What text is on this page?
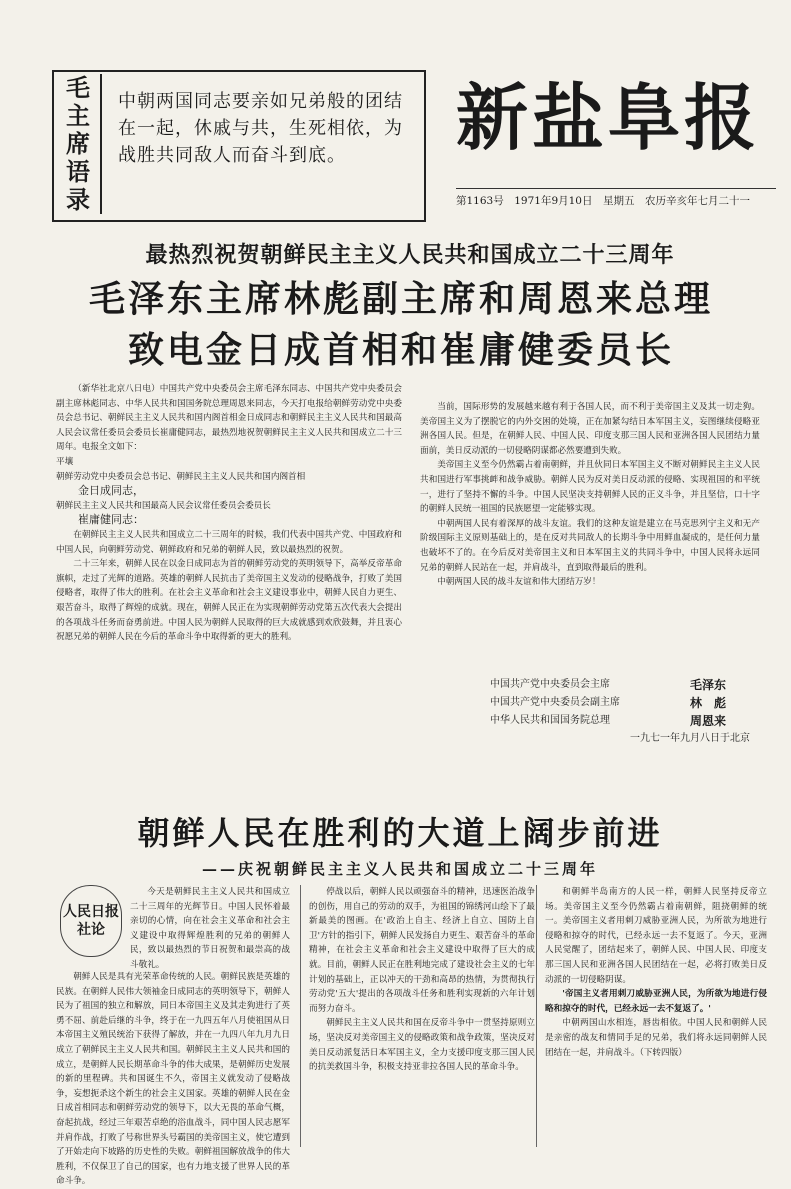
毛
主
席
语
录
中朝两国同志要亲如兄弟般的团结在一起，休戚与共，生死相依，为战胜共同敌人而奋斗到底。	新盐阜报
第1163号　1971年9月10日　星期五　农历辛亥年七月二十一
最热烈祝贺朝鲜民主主义人民共和国成立二十三周年
毛泽东主席林彪副主席和周恩来总理
致电金日成首相和崔庸健委员长

（新华社北京八日电）中国共产党中央委员会主席毛泽东同志、中国共产党中央委员会副主席林彪同志、中华人民共和国国务院总理周恩来同志，今天打电报给朝鲜劳动党中央委员会总书记、朝鲜民主主义人民共和国内阁首相金日成同志和朝鲜民主主义人民共和国最高人民会议常任委员会委员长崔庸健同志，最热烈地祝贺朝鲜民主主义人民共和国成立二十三周年。电报全文如下：

平壤
朝鲜劳动党中央委员会总书记、朝鲜民主主义人民共和国内阁首相
金日成同志，
朝鲜民主主义人民共和国最高人民会议常任委员会委员长
崔庸健同志：

在朝鲜民主主义人民共和国成立二十三周年的时候，我们代表中国共产党、中国政府和中国人民，向朝鲜劳动党、朝鲜政府和兄弟的朝鲜人民，致以最热烈的祝贺。

二十三年来，朝鲜人民在以金日成同志为首的朝鲜劳动党的英明领导下，高举反帝革命旗帜，走过了光辉的道路。英雄的朝鲜人民抗击了美帝国主义发动的侵略战争，打败了美国侵略者，取得了伟大的胜利。在社会主义革命和社会主义建设事业中，朝鲜人民自力更生、艰苦奋斗，取得了辉煌的成就。现在，朝鲜人民正在为实现朝鲜劳动党第五次代表大会提出的各项战斗任务而奋勇前进。中国人民为朝鲜人民取得的巨大成就感到欢欣鼓舞，并且衷心祝愿兄弟的朝鲜人民在今后的革命斗争中取得新的更大的胜利。

当前，国际形势的发展越来越有利于各国人民，而不利于美帝国主义及其一切走狗。美帝国主义为了摆脱它的内外交困的处境，正在加紧勾结日本军国主义，妄图继续侵略亚洲各国人民。但是，在朝鲜人民、中国人民、印度支那三国人民和亚洲各国人民团结力量面前，美日反动派的一切侵略阴谋都必然要遭到失败。

美帝国主义至今仍然霸占着南朝鲜，并且伙同日本军国主义不断对朝鲜民主主义人民共和国进行军事挑衅和战争威胁。朝鲜人民为反对美日反动派的侵略、实现祖国的和平统一，进行了坚持不懈的斗争。中国人民坚决支持朝鲜人民的正义斗争，并且坚信，口十字的朝鲜人民统一祖国的民族愿望一定能够实现。

中朝两国人民有着深厚的战斗友谊。我们的这种友谊是建立在马克思列宁主义和无产阶级国际主义原则基础上的，是在反对共同敌人的长期斗争中用鲜血凝成的，是任何力量也破坏不了的。在今后反对美帝国主义和日本军国主义的共同斗争中，中国人民将永远同兄弟的朝鲜人民站在一起，并肩战斗，直到取得最后的胜利。

中朝两国人民的战斗友谊和伟大团结万岁！

中国共产党中央委员会主席	毛泽东
中国共产党中央委员会副主席	林　彪
中华人民共和国国务院总理	周恩来
一九七一年九月八日于北京
朝鲜人民在胜利的大道上阔步前进
——庆祝朝鲜民主主义人民共和国成立二十三周年
人民日报
社论

今天是朝鲜民主主义人民共和国成立二十三周年的光辉节日。中国人民怀着最亲切的心情，向在社会主义革命和社会主义建设中取得辉煌胜利的兄弟的朝鲜人民，致以最热烈的节日祝贺和最崇高的战斗敬礼。

朝鲜人民是具有光荣革命传统的人民。朝鲜民族是英雄的民族。在朝鲜人民伟大领袖金日成同志的英明领导下，朝鲜人民为了祖国的独立和解放，同日本帝国主义及其走狗进行了英勇不屈、前赴后继的斗争，终于在一九四五年八月使祖国从日本帝国主义殖民统治下获得了解放，并在一九四八年九月九日成立了朝鲜民主主义人民共和国。朝鲜民主主义人民共和国的成立，是朝鲜人民长期革命斗争的伟大成果，是朝鲜历史发展的新的里程碑。共和国诞生不久，帝国主义就发动了侵略战争，妄想扼杀这个新生的社会主义国家。英雄的朝鲜人民在金日成首相同志和朝鲜劳动党的领导下，以大无畏的革命气概，奋起抗战，经过三年艰苦卓绝的浴血战斗，同中国人民志愿军并肩作战，打败了号称世界头号霸国的美帝国主义，使它遭到了开始走向下坡路的历史性的失败。朝鲜祖国解放战争的伟大胜利，不仅保卫了自己的国家，也有力地支援了世界人民的革命斗争。

停战以后，朝鲜人民以顽强奋斗的精神，迅速医治战争的创伤，用自己的劳动的双手，为祖国的锦绣河山绘下了最新最美的图画。在'政治上自主、经济上自立、国防上自卫'方针的指引下，朝鲜人民发扬自力更生、艰苦奋斗的革命精神，在社会主义革命和社会主义建设中取得了巨大的成就。目前，朝鲜人民正在胜利地完成了建设社会主义的七年计划的基础上，正以冲天的干劲和高昂的热情，为贯彻执行劳动党'五大'提出的各项战斗任务和胜利实现新的六年计划而努力奋斗。

朝鲜民主主义人民共和国在反帝斗争中一贯坚持原则立场，坚决反对美帝国主义的侵略政策和战争政策，坚决反对美日反动派复活日本军国主义，全力支援印度支那三国人民的抗美救国斗争，积极支持亚非拉各国人民的革命斗争。

和朝鲜半岛南方的人民一样，朝鲜人民坚持反帝立场。美帝国主义至今仍然霸占着南朝鲜，阻挠朝鲜的统一。美帝国主义者用刺刀威胁亚洲人民，为所欲为地进行侵略和掠夺的时代，已经永远一去不复返了。今天，亚洲人民觉醒了，团结起来了，朝鲜人民、中国人民、印度支那三国人民和亚洲各国人民团结在一起，必将打败美日反动派的一切侵略阴谋。

'帝国主义者用刺刀威胁亚洲人民，为所欲为地进行侵略和掠夺的时代，已经永远一去不复返了。'

中朝两国山水相连，唇齿相依。中国人民和朝鲜人民是亲密的战友和情同手足的兄弟，我们将永远同朝鲜人民团结在一起，并肩战斗。（下转四版）
